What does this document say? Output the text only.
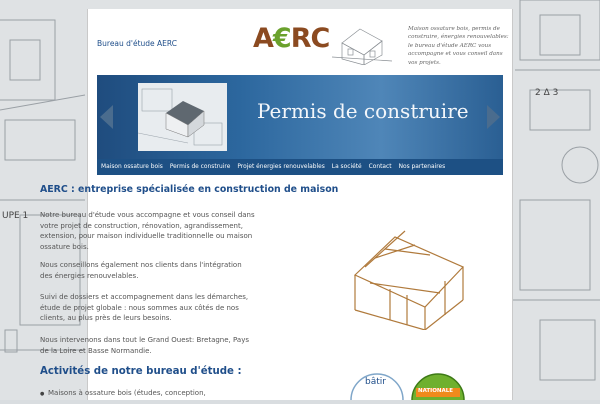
UPE 1
2 Δ 3
Bureau d'étude AERC	A€RC	Maison ossature bois, permis de construire, énergies renouvelables: le bureau d'étude AERC vous accompagne et vous conseil dans vos projets.
Permis de construire
Maison ossature bois Permis de construire Projet énergies renouvelables La société Contact Nos partenaires
AERC : entreprise spécialisée en construction de maison

Notre bureau d'étude vous accompagne et vous conseil dans votre projet de construction, rénovation, agrandissement, extension, pour maison individuelle traditionnelle ou maison ossature bois.

Nous conseillons également nos clients dans l'intégration des énergies renouvelables.

Suivi de dossiers et accompagnement dans les démarches, étude de projet globale : nous sommes aux côtés de nos clients, au plus près de leurs besoins.

Nous intervenons dans tout le Grand Ouest: Bretagne, Pays de la Loire et Basse Normandie.

Activités de notre bureau d'étude :
● Maisons à ossature bois (études, conception,
bâtir
NATIONALE
